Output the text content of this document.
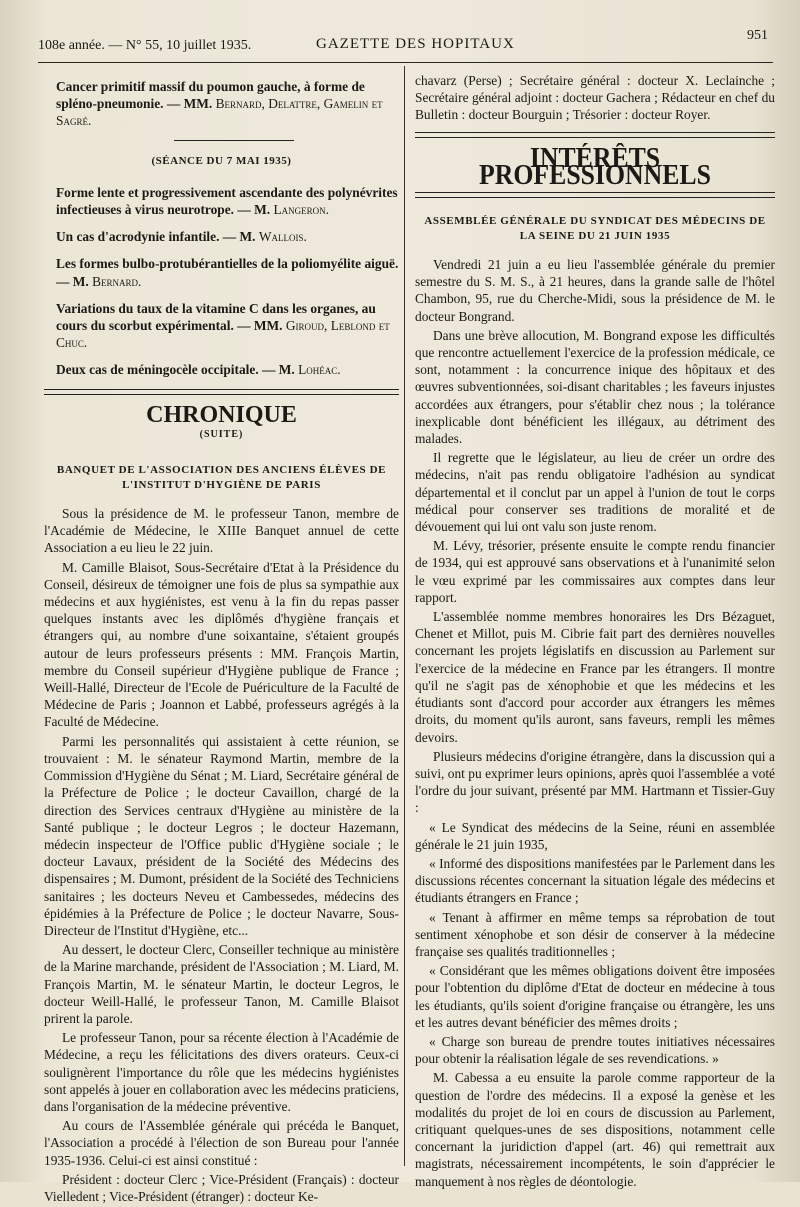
108e année. — N° 55, 10 juillet 1935.	GAZETTE DES HOPITAUX
951
Cancer primitif massif du poumon gauche, à forme de spléno-pneumonie. — MM. Bernard, Delattre, Gamelin et Sagré.
(SÉANCE DU 7 MAI 1935)
Forme lente et progressivement ascendante des polynévrites infectieuses à virus neurotrope. — M. Langeron.
Un cas d'acrodynie infantile. — M. Wallois.
Les formes bulbo-protubérantielles de la poliomyélite aiguë. — M. Bernard.
Variations du taux de la vitamine C dans les organes, au cours du scorbut expérimental. — MM. Giroud, Leblond et Chuc.
Deux cas de méningocèle occipitale. — M. Lohéac.
CHRONIQUE
(SUITE)
BANQUET DE L'ASSOCIATION DES ANCIENS ÉLÈVES DE L'INSTITUT D'HYGIÈNE DE PARIS

Sous la présidence de M. le professeur Tanon, membre de l'Académie de Médecine, le XIIIe Banquet annuel de cette Association a eu lieu le 22 juin.

M. Camille Blaisot, Sous-Secrétaire d'Etat à la Présidence du Conseil, désireux de témoigner une fois de plus sa sympathie aux médecins et aux hygiénistes, est venu à la fin du repas passer quelques instants avec les diplômés d'hygiène français et étrangers qui, au nombre d'une soixantaine, s'étaient groupés autour de leurs professeurs présents : MM. François Martin, membre du Conseil supérieur d'Hygiène publique de France ; Weill-Hallé, Directeur de l'Ecole de Puériculture de la Faculté de Médecine de Paris ; Joannon et Labbé, professeurs agrégés à la Faculté de Médecine.

Parmi les personnalités qui assistaient à cette réunion, se trouvaient : M. le sénateur Raymond Martin, membre de la Commission d'Hygiène du Sénat ; M. Liard, Secrétaire général de la Préfecture de Police ; le docteur Cavaillon, chargé de la direction des Services centraux d'Hygiène au ministère de la Santé publique ; le docteur Legros ; le docteur Hazemann, médecin inspecteur de l'Office public d'Hygiène sociale ; le docteur Lavaux, président de la Société des Médecins des dispensaires ; M. Dumont, président de la Société des Techniciens sanitaires ; les docteurs Neveu et Cambessedes, médecins des épidémies à la Préfecture de Police ; le docteur Navarre, Sous-Directeur de l'Institut d'Hygiène, etc...

Au dessert, le docteur Clerc, Conseiller technique au ministère de la Marine marchande, président de l'Association ; M. Liard, M. François Martin, M. le sénateur Martin, le docteur Legros, le docteur Weill-Hallé, le professeur Tanon, M. Camille Blaisot prirent la parole.

Le professeur Tanon, pour sa récente élection à l'Académie de Médecine, a reçu les félicitations des divers orateurs. Ceux-ci soulignèrent l'importance du rôle que les médecins hygiénistes sont appelés à jouer en collaboration avec les médecins praticiens, dans l'organisation de la médecine préventive.

Au cours de l'Assemblée générale qui précéda le Banquet, l'Association a procédé à l'élection de son Bureau pour l'année 1935-1936. Celui-ci est ainsi constitué :

Président : docteur Clerc ; Vice-Président (Français) : docteur Vielledent ; Vice-Président (étranger) : docteur Ke-

chavarz (Perse) ; Secrétaire général : docteur X. Leclainche ; Secrétaire général adjoint : docteur Gachera ; Rédacteur en chef du Bulletin : docteur Bourguin ; Trésorier : docteur Royer.

INTÉRÊTS PROFESSIONNELS
ASSEMBLÉE GÉNÉRALE DU SYNDICAT DES MÉDECINS DE LA SEINE DU 21 JUIN 1935

Vendredi 21 juin a eu lieu l'assemblée générale du premier semestre du S. M. S., à 21 heures, dans la grande salle de l'hôtel Chambon, 95, rue du Cherche-Midi, sous la présidence de M. le docteur Bongrand.

Dans une brève allocution, M. Bongrand expose les difficultés que rencontre actuellement l'exercice de la profession médicale, ce sont, notamment : la concurrence inique des hôpitaux et des œuvres subventionnées, soi-disant charitables ; les faveurs injustes accordées aux étrangers, pour s'établir chez nous ; la tolérance inexplicable dont bénéficient les illégaux, au détriment des malades.

Il regrette que le législateur, au lieu de créer un ordre des médecins, n'ait pas rendu obligatoire l'adhésion au syndicat départemental et il conclut par un appel à l'union de tout le corps médical pour conserver ses traditions de moralité et de dévouement qui lui ont valu son juste renom.

M. Lévy, trésorier, présente ensuite le compte rendu financier de 1934, qui est approuvé sans observations et à l'unanimité selon le vœu exprimé par les commissaires aux comptes dans leur rapport.

L'assemblée nomme membres honoraires les Drs Bézaguet, Chenet et Millot, puis M. Cibrie fait part des dernières nouvelles concernant les projets législatifs en discussion au Parlement sur l'exercice de la médecine en France par les étrangers. Il montre qu'il ne s'agit pas de xénophobie et que les médecins et les étudiants sont d'accord pour accorder aux étrangers les mêmes droits, du moment qu'ils auront, sans faveurs, rempli les mêmes devoirs.

Plusieurs médecins d'origine étrangère, dans la discussion qui a suivi, ont pu exprimer leurs opinions, après quoi l'assemblée a voté l'ordre du jour suivant, présenté par MM. Hartmann et Tissier-Guy :

« Le Syndicat des médecins de la Seine, réuni en assemblée générale le 21 juin 1935,

« Informé des dispositions manifestées par le Parlement dans les discussions récentes concernant la situation légale des médecins et étudiants étrangers en France ;

« Tenant à affirmer en même temps sa réprobation de tout sentiment xénophobe et son désir de conserver à la médecine française ses qualités traditionnelles ;

« Considérant que les mêmes obligations doivent être imposées pour l'obtention du diplôme d'Etat de docteur en médecine à tous les étudiants, qu'ils soient d'origine française ou étrangère, les uns et les autres devant bénéficier des mêmes droits ;

« Charge son bureau de prendre toutes initiatives nécessaires pour obtenir la réalisation légale de ses revendications. »

M. Cabessa a eu ensuite la parole comme rapporteur de la question de l'ordre des médecins. Il a exposé la genèse et les modalités du projet de loi en cours de discussion au Parlement, critiquant quelques-unes de ses dispositions, notamment celle concernant la juridiction d'appel (art. 46) qui remettrait aux magistrats, nécessairement incompétents, le soin d'apprécier le manquement à nos règles de déontologie.
